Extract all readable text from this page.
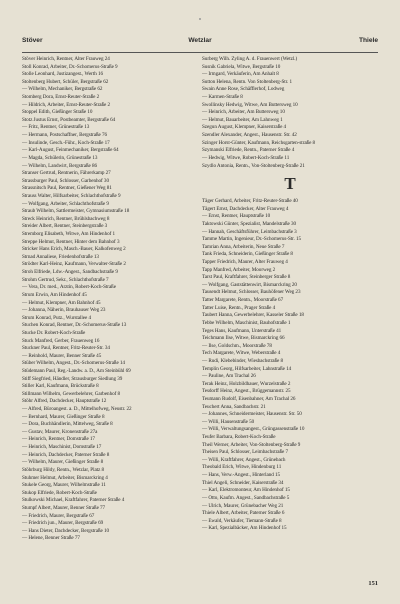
Stöver	Wetzlar	Thiele
Stöver Heinrich, Rentner, Alter Frauweg 24
Stoll Konrad, Arbeiter, Dr.-Schomerus-Straße 9
Stolle Leonhard, Justizangest., Werth 16
Stoltenberg Hubert, Schüler, Bergstraße 62
— Wilhelm, Mechaniker, Bergstraße 62
Stomberg Dora, Ernst-Reuter-Straße 2
— Hildrich, Arbeiter, Ernst-Reuter-Straße 2
Stoppel Edith, Gießinger Straße 10
Stotz Justus Ernst, Postbeamter, Bergstraße 64
— Fritz, Rentner, Grünestraße 13
— Hermann, Postschaffner, Bergstraße 76
— Insulinde, Gesch.-Führ., Koch-Straße 17
— Karl-August, Feinmechaniker, Bergstraße 64
— Magda, Schülerin, Grünestraße 13
— Wilhelm, Landwirt, Bergstraße 86
Stranser Gertrud, Rentnerin, Fährerkamp 27
Strassburger Paul, Schlosser, Garbenhof 30
Strassnitsch Paul, Rentner, Gießener Weg 81
Strauss Walter, Hilfsarbeiter, Schlachthofstraße 9
— Wolfgang, Arbeiter, Schlachthofstraße 9
Straub Wilhelm, Sattlermeister, Gymnasiumstraße 18
Streck Heinrich, Rentner, Brühlsbachweg 8
Streider Albert, Rentner, Steinbergstraße 3
Stremborg Elisabeth, Witwe, Am Hindenhof 1
Streppe Helmut, Rentner, Hinter dem Bahnhof 3
Stricker Hans Erich, Masch.-Bauer, Kalkofenweg 2
Strnad Annaliese, Friedenhofstraße 13
Strödter Karl-Heinz, Kaufmann, Verwalter-Straße 2
Stroh Elfriede, Ldw.-Angest., Sandbachstraße 9
Strohm Gertrud, Sekr., Schlachthofstraße 7
— Vera, Dr. med., Ärztin, Robert-Koch-Straße
Strum Erwin, Am Hindenhof 45
— Helmut, Klempner, Am Bahnhof 45
— Johanna, Näherin, Brauhauser Weg 23
Strum Konrad, Putz., Wurstallee 4
Stuchen Konrad, Rentner, Dr.-Schomerus-Straße 13
Stucke Dr. Robert-Koch-Straße
Stuck Manfred, Gerber, Frauenweg 16
Stuckner Paul, Rentner, Fritz-Reuter-Str. 34
— Reinhold, Maurer, Benner Straße 45
Stüber Wilhelm, Angest., Dr.-Schomerus-Straße 14
Stüdemann Paul, Reg.-Landw. a. D., Am Steinbühl 69
Stiff Siegfried, Händler, Strausburger Siedlung 39
Stiller Karl, Kaufmann, Brückstraße 8
Stillmann Wilhelm, Gewerbelehrer, Garbenhof 8
Stöhr Alfred, Dachdecker, Hauptstraße 12
— Alfred, Büroangest. a. D., Mittelhofweg, Neustr. 22
— Bernhard, Maurer, Gießinger Straße 8
— Dora, Buchhändlerin, Mittelweg, Straße 8
— Gustav, Maurer, Kronenstraße 27a
— Heinrich, Rentner, Domstraße 17
— Heinrich, Maschinist, Domstraße 17
— Heinrich, Dachdecker, Paterner Straße 8
— Wilhelm, Maurer, Gießinger Straße 8
Stöhrburg Hildy, Rentn., Wetzlar, Platz 8
Stuhmer Helmut, Arbeiter, Bismarckring 4
Stukele Georg, Maurer, Wilhelmstraße 11
Stukop Elfriede, Robert-Koch-Straße
Stulkowski Michael, Kraftfahrer, Paterner Straße 4
Stumpf Albert, Maurer, Benner Straße 77
— Friedrich, Maurer, Bergstraße 67
— Friedrich jun., Maurer, Bergstraße 69
— Hans Dieter, Dachdecker, Bergstraße 10
— Helene, Benner Straße 77
Surberg Wilh. Zyling A. d. Frauenwert (Wetzl.)
Susnik Gabriela, Witwe, Bergstraße 10
— Irmgard, Verkäuferin, Am Anhalt 8
Sutton Helena, Rentn. Von Stoltenberg-Str. 1
Swain Anne Rose, Schäfflerhof, Lodweg
— Karmen-Straße 8
Swollinsky Hedwig, Witwe, Am Buttersweg 10
— Heinrich, Arbeiter, Am Buttersweg 10
— Helmut, Bauarbeiter, Am Lahnweg 1
Szegun August, Klempner, Kaiserstraße 4
Szendler Alexander, Angest., Hausenstr. Str. 42
Szinger Horst-Günter, Kaufmann, Reichsgarten-straße 8
Szymanski Elfriede, Rentn., Paterner Straße 4
— Hedwig, Witwe, Robert-Koch-Straße 11
Szydlo Antonia, Rentn., Von-Stoltenberg-Straße 21
T
Täger Gerhard, Arbeiter, Fritz-Reuter-Straße 40
Tägert Ernst, Dachdecker, Alter Frauweg 4
— Ernst, Rentner, Hauptstraße 10
Taktowski Günter, Spezialist, Mandelstraße 30
— Hannah, Geschäftsführer, Leimbachstraße 3
Tamme Martin, Ingenieur, Dr.-Schomerus-Str. 15
Tamrian Anna, Arbeiterin, Neue Straße 7
Tank Frieda, Schneiderin, Gießinger Straße 8
Tapper Friedrich, Maurer, Alter Frauweg 4
Tapp Manfred, Arbeiter, Moorweg 2
Tarst Paul, Kraftfahrer, Steinberger Straße 8
— Wolfgang, Gaststättenwirt, Bismarckring 20
Tausendt Helmut, Schlosser, Bauhöfener Weg 23
Tatter Margarete, Rentn., Moorstraße 67
Tatter Luise, Rentn., Prager Straße 4
Taubert Hanna, Gewerbelehrer, Kasseler Straße 18
Tebbe Wilhelm, Maschinist, Bauhofstraße 1
Teges Hans, Kaufmann, Unterstraße 41
Teichmann Ilse, Witwe, Bismarckring 66
— Ilse, Goldschm., Moorstraße 78
Tech Margarete, Witwe, Weberstraße 4
— Rudi, Klebebinder, Wiesbachstraße 8
Templin Georg, Hilfsarbeiter, Lahnstraße 14
— Pauline, Am Trachal 26
Terak Heinz, Holzbildhauer, Wurzelstraße 2
Tesdorff Heinz, Angest., Brüggemannstr. 25
Teumann Rudolf, Eisenbahner, Am Trachal 26
Teuchert Anna, Sandbachstr. 21
— Johannes, Schneidermeister, Hausenstr. Str. 50
— Willi, Hausenstraße 50
— Willi, Verwaltungsangest., Grüngassenstraße 10
Teufer Barbara, Robert-Koch-Straße
Theil Werner, Arbeiter, Von-Stoltenberg-Straße 9
Theisen Paul, Schlosser, Leimbachstraße 7
— Willi, Kraftfahrer, Angest., Grünebach
Theobald Erich, Witwe, Hindenburg 11
— Hans, Verw.-Angest., Hinterland 15
Thiel Angeli, Schneider, Kaiserstraße 34
— Karl, Elektromonteur, Am Hindenhof 15
— Otto, Kaufm. Angest., Sandbachstraße 5
— Ulrich, Maurer, Grünebacher Weg 21
Thiele Albert, Arbeiter, Paterner Straße 6
— Ewald, Verkäufer, Tiemann-Straße 8
— Karl, Spezialbäcker, Am Hindenhof 15
151
